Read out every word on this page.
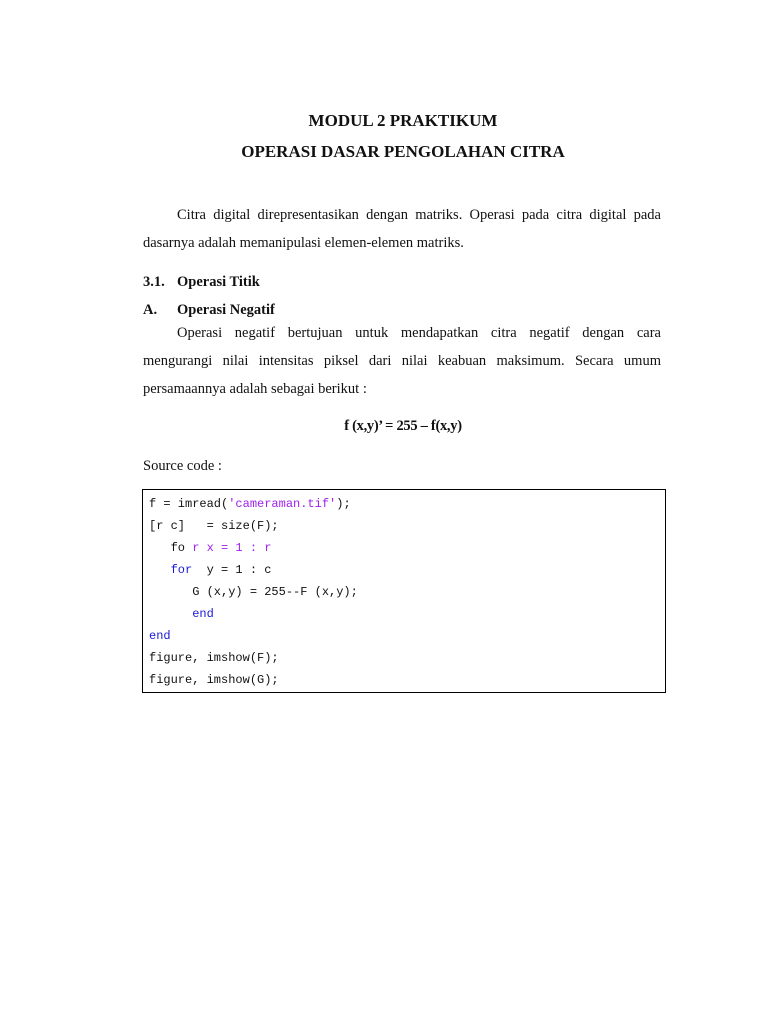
MODUL 2 PRAKTIKUM
OPERASI DASAR PENGOLAHAN CITRA
Citra digital direpresentasikan dengan matriks. Operasi pada citra digital pada
dasarnya adalah memanipulasi elemen-elemen matriks.
3.1. Operasi Titik
A. Operasi Negatif
Operasi negatif bertujuan untuk mendapatkan citra negatif dengan cara
mengurangi nilai intensitas piksel dari nilai keabuan maksimum. Secara umum
persamaannya adalah sebagai berikut :
f (x,y)’ = 255 – f(x,y)
Source code :
f = imread('cameraman.tif');
[r c]   = size(F);
fo r x = 1 : r
for  y = 1 : c
G (x,y) = 255--F (x,y);
end
end
figure, imshow(F);
figure, imshow(G);
